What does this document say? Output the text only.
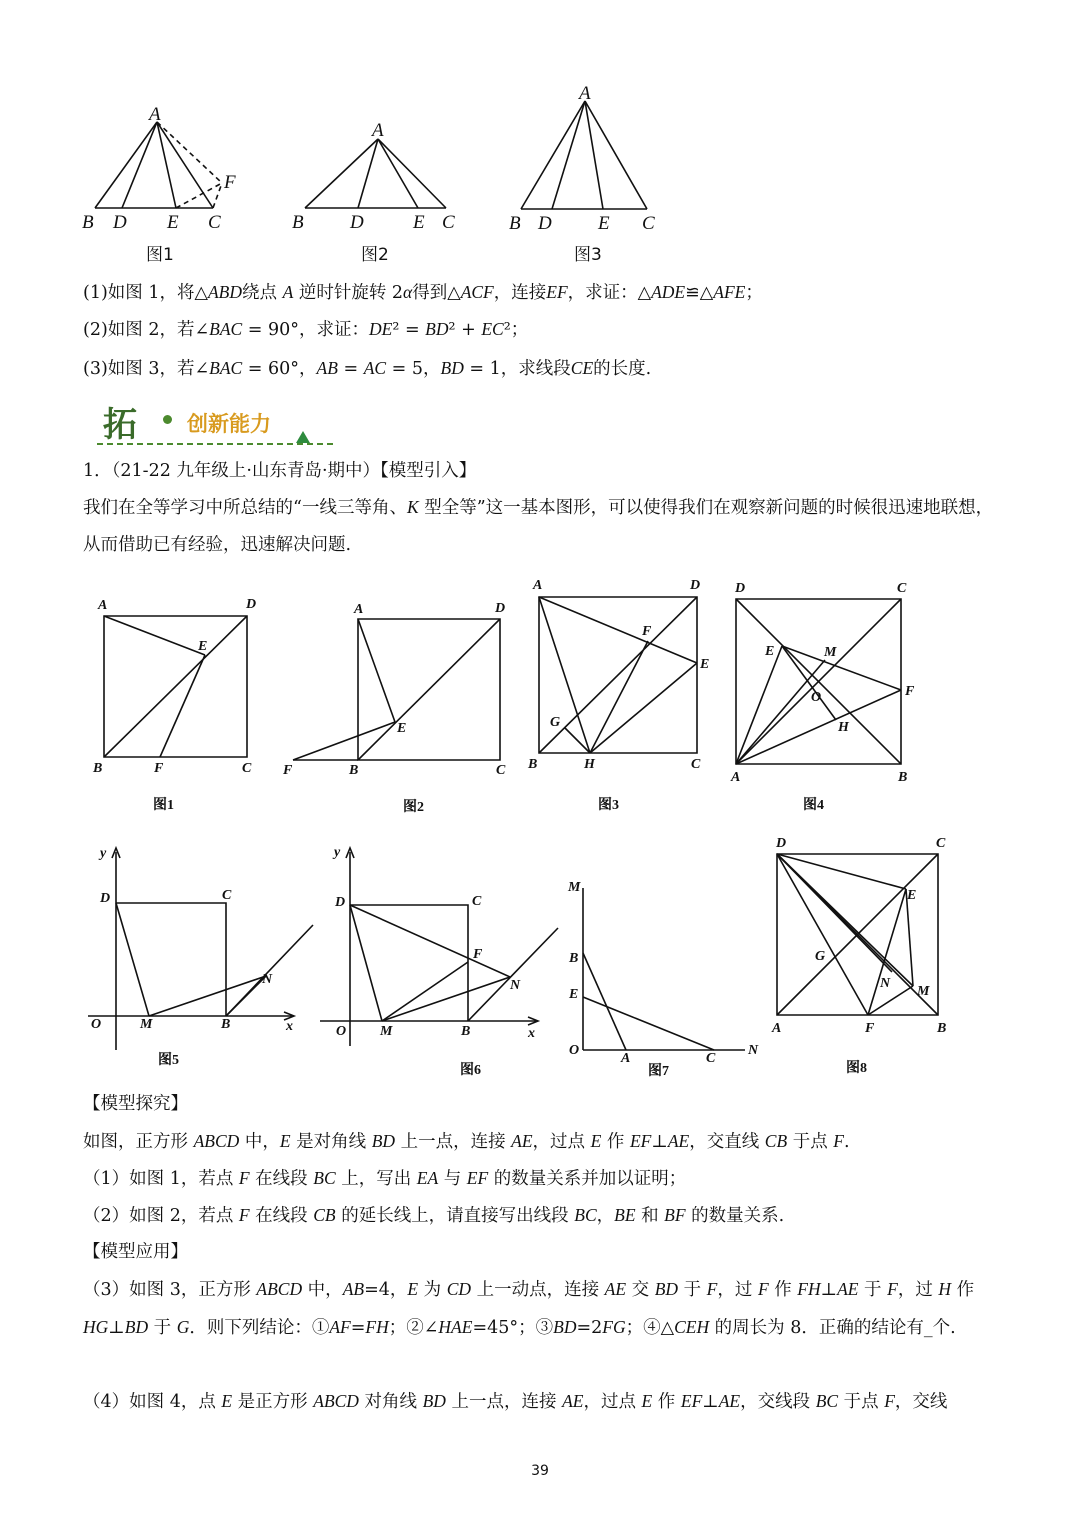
A
B D E C
F
图1
A
B D	E C
图2
A
B D E C
图3
(1)如图 1，将△ABD绕点 A 逆时针旋转 2α得到△ACF，连接EF，求证：△ADE≌△AFE；
(2)如图 2，若∠BAC = 90°，求证：DE² = BD² + EC²；
(3)如图 3，若∠BAC = 60°，AB = AC = 5，BD = 1，求线段CE的长度.
拓 创新能力
1．（21-22 九年级上·山东青岛·期中）【模型引入】
我们在全等学习中所总结的“一线三等角、K 型全等”这一基本图形，可以使得我们在观察新问题的时候很迅速地联想，从而借助已有经验，迅速解决问题.
A	D
E
B	F	C
图1
A	D
E
F	B	C
图2
A	D
F
E
G
B	H	C
图3
D	C
E	M
O	F
H
A	B
图4
y
D	C
N
O	M	B	x
图5
y
D	C
F
N
O M	B	x
图6
M
B
E
O
A	C
N
图7
D	C
E
G
N
M
A	F	B
图8
【模型探究】
如图，正方形 ABCD 中，E 是对角线 BD 上一点，连接 AE，过点 E 作 EF⊥AE，交直线 CB 于点 F.
（1）如图 1，若点 F 在线段 BC 上，写出 EA 与 EF 的数量关系并加以证明；
（2）如图 2，若点 F 在线段 CB 的延长线上，请直接写出线段 BC，BE 和 BF 的数量关系.
【模型应用】
（3）如图 3，正方形 ABCD 中，AB=4，E 为 CD 上一动点，连接 AE 交 BD 于 F，过 F 作 FH⊥AE 于 F，过 H 作 HG⊥BD 于 G．则下列结论：①AF=FH；②∠HAE=45°；③BD=2FG；④△CEH 的周长为 8．正确的结论有_个.
（4）如图 4，点 E 是正方形 ABCD 对角线 BD 上一点，连接 AE，过点 E 作 EF⊥AE，交线段 BC 于点 F，交线
39
